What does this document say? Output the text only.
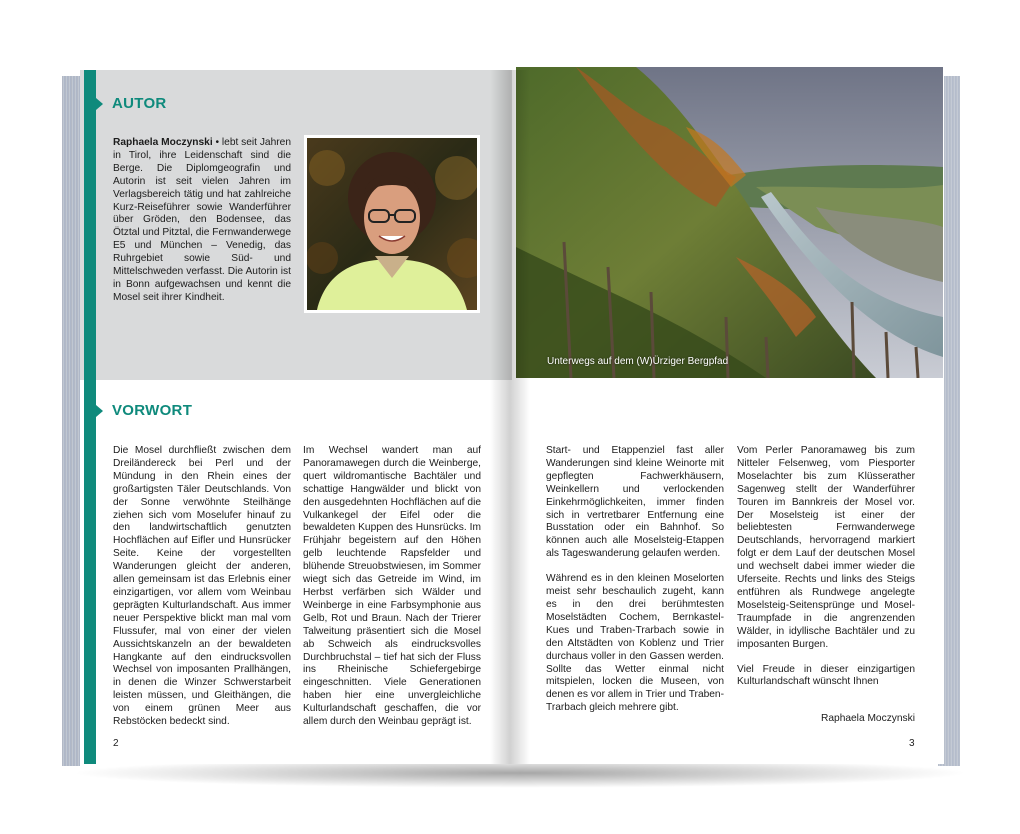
AUTOR
Raphaela Moczynski • lebt seit Jahren in Tirol, ihre Leidenschaft sind die Berge. Die Diplomgeografin und Autorin ist seit vielen Jahren im Verlagsbereich tätig und hat zahlreiche Kurz-Reiseführer sowie Wanderführer über Gröden, den Bodensee, das Ötztal und Pitztal, die Fernwanderwege E5 und München – Venedig, das Ruhrgebiet sowie Süd- und Mittelschweden verfasst. Die Autorin ist in Bonn aufgewachsen und kennt die Mosel seit ihrer Kindheit.
VORWORT

Die Mosel durchfließt zwischen dem Dreiländereck bei Perl und der Mündung in den Rhein eines der großartigsten Täler Deutschlands. Von der Sonne verwöhnte Steilhänge ziehen sich vom Moselufer hinauf zu den landwirtschaftlich genutzten Hochflächen auf Eifler und Hunsrücker Seite. Keine der vorgestellten Wanderungen gleicht der anderen, allen gemeinsam ist das Erlebnis einer einzigartigen, vor allem vom Weinbau geprägten Kulturlandschaft. Aus immer neuer Perspektive blickt man mal vom Flussufer, mal von einer der vielen Aussichtskanzeln an der bewaldeten Hangkante auf den eindrucksvollen Wechsel von imposanten Prallhängen, in denen die Winzer Schwerstarbeit leisten müssen, und Gleithängen, die von einem grünen Meer aus Rebstöcken bedeckt sind.

Im Wechsel wandert man auf Panoramawegen durch die Weinberge, quert wildromantische Bachtäler und schattige Hangwälder und blickt von den ausgedehnten Hochflächen auf die Vulkankegel der Eifel oder die bewaldeten Kuppen des Hunsrücks. Im Frühjahr begeistern auf den Höhen gelb leuchtende Rapsfelder und blühende Streuobstwiesen, im Sommer wiegt sich das Getreide im Wind, im Herbst verfärben sich Wälder und Weinberge in eine Farbsymphonie aus Gelb, Rot und Braun. Nach der Trierer Talweitung präsentiert sich die Mosel ab Schweich als eindrucksvolles Durchbruchstal – tief hat sich der Fluss ins Rheinische Schiefergebirge eingeschnitten. Viele Generationen haben hier eine unvergleichliche Kulturlandschaft geschaffen, die vor allem durch den Weinbau geprägt ist.

2
Unterwegs auf dem (W)Ürziger Bergpfad

Start- und Etappenziel fast aller Wanderungen sind kleine Weinorte mit gepflegten Fachwerkhäusern, Weinkellern und verlockenden Einkehrmöglichkeiten, immer finden sich in vertretbarer Entfernung eine Busstation oder ein Bahnhof. So können auch alle Moselsteig-Etappen als Tageswanderung gelaufen werden.

Während es in den kleinen Moselorten meist sehr beschaulich zugeht, kann es in den drei berühmtesten Moselstädten Cochem, Bernkastel-Kues und Traben-Trarbach sowie in den Altstädten von Koblenz und Trier durchaus voller in den Gassen werden. Sollte das Wetter einmal nicht mitspielen, locken die Museen, von denen es vor allem in Trier und Traben-Trarbach gleich mehrere gibt.

Vom Perler Panoramaweg bis zum Nitteler Felsenweg, vom Piesporter Moselachter bis zum Klüsserather Sagenweg stellt der Wanderführer Touren im Bannkreis der Mosel vor. Der Moselsteig ist einer der beliebtesten Fernwanderwege Deutschlands, hervorragend markiert folgt er dem Lauf der deutschen Mosel und wechselt dabei immer wieder die Uferseite. Rechts und links des Steigs entführen als Rundwege angelegte Moselsteig-Seitensprünge und Mosel-Traumpfade in die angrenzenden Wälder, in idyllische Bachtäler und zu imposanten Burgen.

Viel Freude in dieser einzigartigen Kulturlandschaft wünscht Ihnen

Raphaela Moczynski
3
